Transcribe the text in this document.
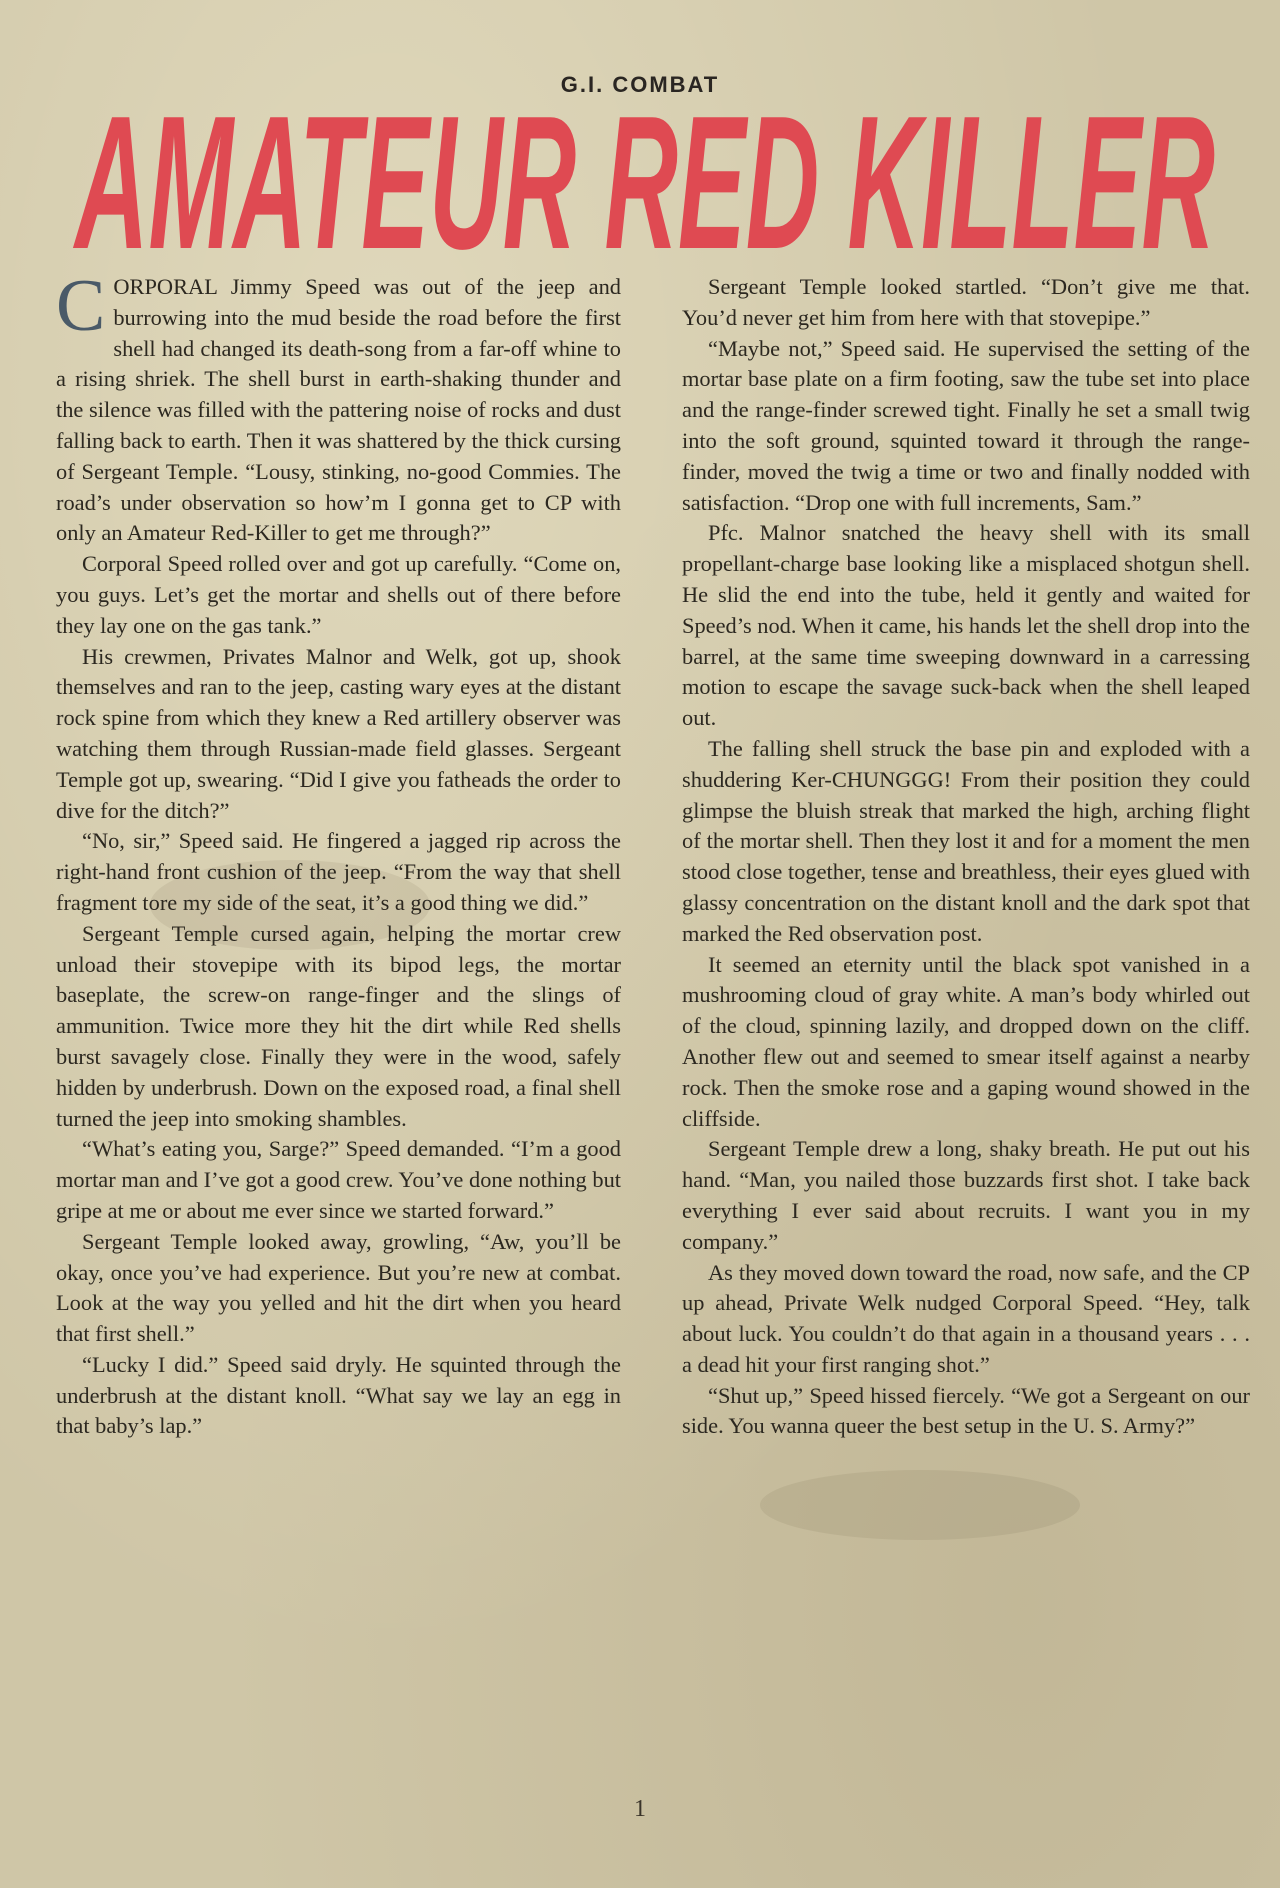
G.I. COMBAT
AMATEUR RED KILLER

CORPORAL Jimmy Speed was out of the jeep and burrowing into the mud beside the road before the first shell had changed its death-song from a far-off whine to a rising shriek. The shell burst in earth-shaking thunder and the silence was filled with the pattering noise of rocks and dust falling back to earth. Then it was shattered by the thick cursing of Sergeant Temple. “Lousy, stinking, no-good Commies. The road’s under observation so how’m I gonna get to CP with only an Amateur Red-Killer to get me through?”

Corporal Speed rolled over and got up carefully. “Come on, you guys. Let’s get the mortar and shells out of there before they lay one on the gas tank.”

His crewmen, Privates Malnor and Welk, got up, shook themselves and ran to the jeep, casting wary eyes at the distant rock spine from which they knew a Red artillery observer was watching them through Russian-made field glasses. Sergeant Temple got up, swearing. “Did I give you fatheads the order to dive for the ditch?”

“No, sir,” Speed said. He fingered a jagged rip across the right-hand front cushion of the jeep. “From the way that shell fragment tore my side of the seat, it’s a good thing we did.”

Sergeant Temple cursed again, helping the mortar crew unload their stovepipe with its bipod legs, the mortar baseplate, the screw-on range-finger and the slings of ammunition. Twice more they hit the dirt while Red shells burst savagely close. Finally they were in the wood, safely hidden by underbrush. Down on the exposed road, a final shell turned the jeep into smoking shambles.

“What’s eating you, Sarge?” Speed demanded. “I’m a good mortar man and I’ve got a good crew. You’ve done nothing but gripe at me or about me ever since we started forward.”

Sergeant Temple looked away, growling, “Aw, you’ll be okay, once you’ve had experience. But you’re new at combat. Look at the way you yelled and hit the dirt when you heard that first shell.”

“Lucky I did.” Speed said dryly. He squinted through the underbrush at the distant knoll. “What say we lay an egg in that baby’s lap.”

Sergeant Temple looked startled. “Don’t give me that. You’d never get him from here with that stovepipe.”

“Maybe not,” Speed said. He supervised the setting of the mortar base plate on a firm footing, saw the tube set into place and the range-finder screwed tight. Finally he set a small twig into the soft ground, squinted toward it through the range-finder, moved the twig a time or two and finally nodded with satisfaction. “Drop one with full increments, Sam.”

Pfc. Malnor snatched the heavy shell with its small propellant-charge base looking like a misplaced shotgun shell. He slid the end into the tube, held it gently and waited for Speed’s nod. When it came, his hands let the shell drop into the barrel, at the same time sweeping downward in a carressing motion to escape the savage suck-back when the shell leaped out.

The falling shell struck the base pin and exploded with a shuddering Ker-CHUNGGG! From their position they could glimpse the bluish streak that marked the high, arching flight of the mortar shell. Then they lost it and for a moment the men stood close together, tense and breathless, their eyes glued with glassy concentration on the distant knoll and the dark spot that marked the Red observation post.

It seemed an eternity until the black spot vanished in a mushrooming cloud of gray white. A man’s body whirled out of the cloud, spinning lazily, and dropped down on the cliff. Another flew out and seemed to smear itself against a nearby rock. Then the smoke rose and a gaping wound showed in the cliffside.

Sergeant Temple drew a long, shaky breath. He put out his hand. “Man, you nailed those buzzards first shot. I take back everything I ever said about recruits. I want you in my company.”

As they moved down toward the road, now safe, and the CP up ahead, Private Welk nudged Corporal Speed. “Hey, talk about luck. You couldn’t do that again in a thousand years . . . a dead hit your first ranging shot.”

“Shut up,” Speed hissed fiercely. “We got a Sergeant on our side. You wanna queer the best setup in the U. S. Army?”

1
